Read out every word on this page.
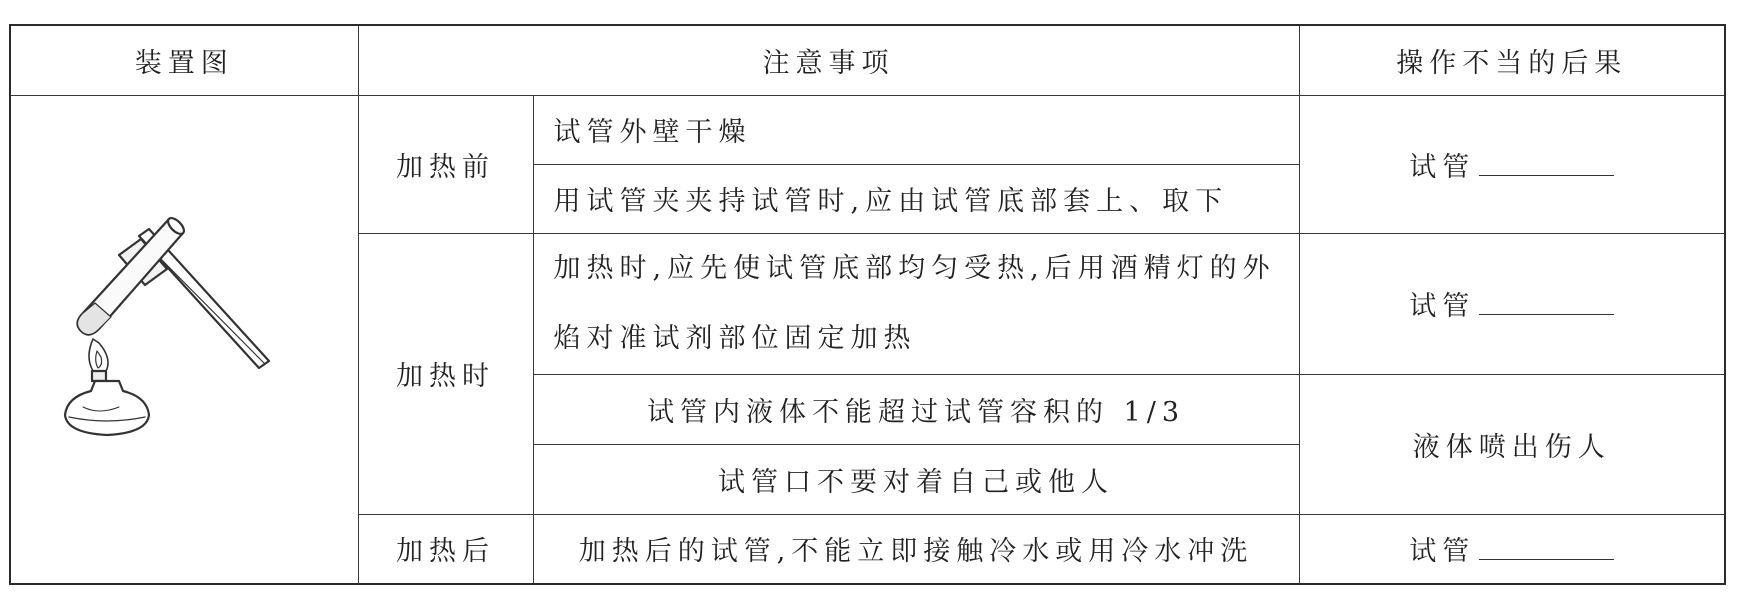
装置图	注意事项		操作不当的后果
	加热前	试管外壁干燥	试管
		用试管夹夹持试管时,应由试管底部套上、取下	
	加热时	加热时,应先使试管底部均匀受热,后用酒精灯的外焰对准试剂部位固定加热	试管
		试管内液体不能超过试管容积的 1/3	液体喷出伤人
		试管口不要对着自己或他人	
	加热后	加热后的试管,不能立即接触冷水或用冷水冲洗	试管
